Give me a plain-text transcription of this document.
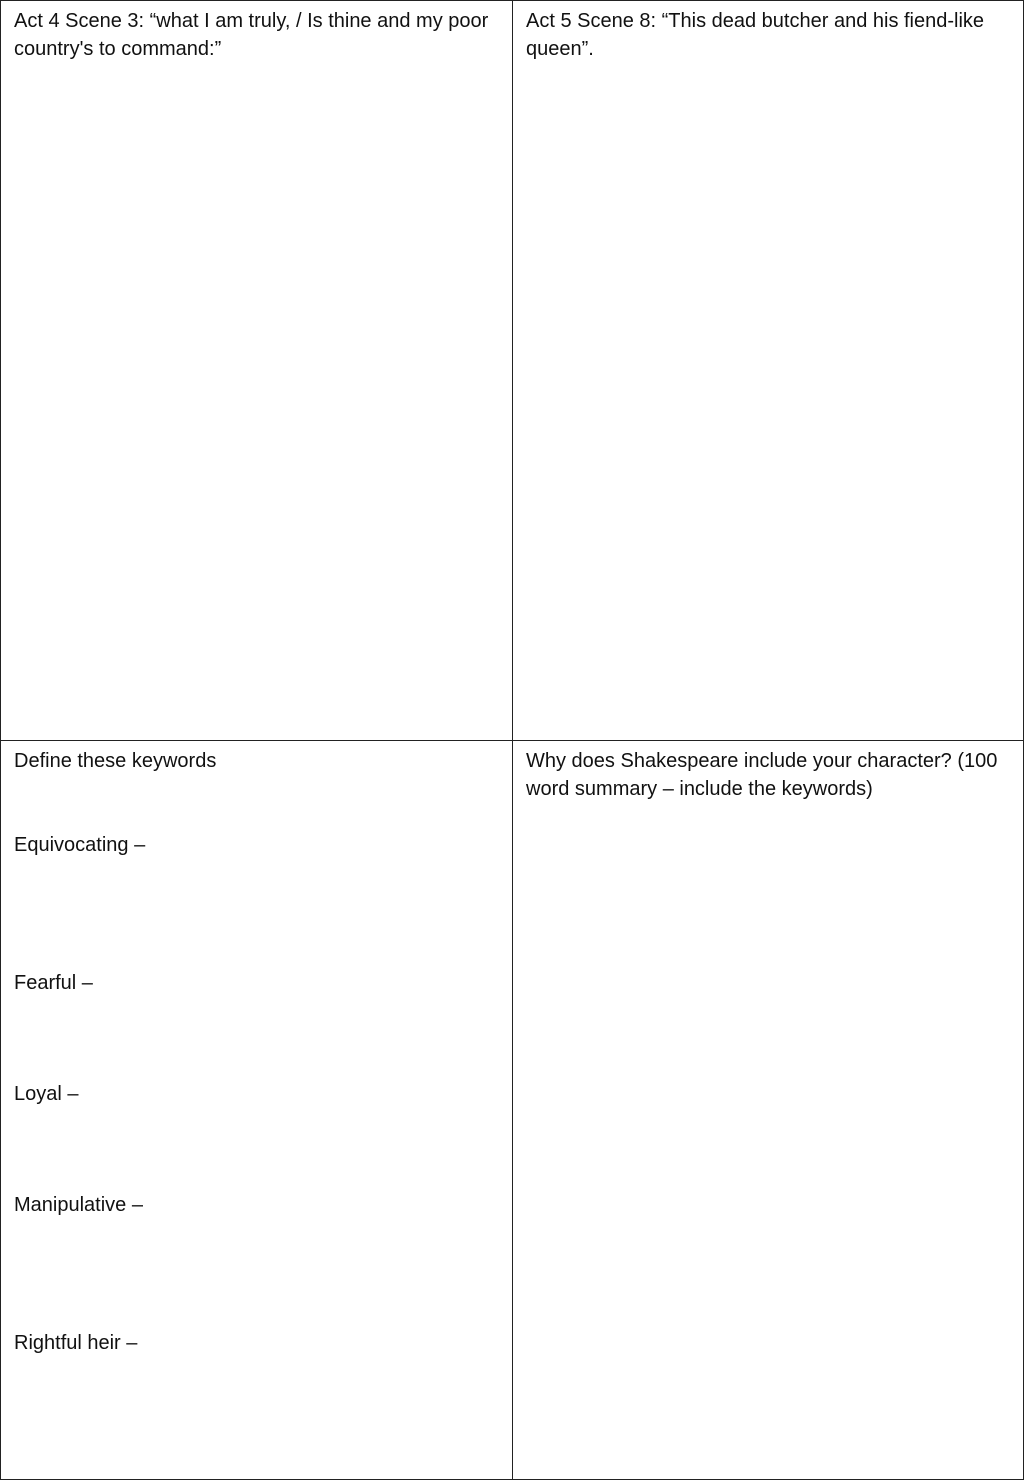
Act 4 Scene 3: “what I am truly, / Is thine and my poor country's to command:”

Act 5 Scene 8: “This dead butcher and his fiend-like queen”.

Define these keywords

Equivocating –

Fearful –

Loyal –

Manipulative –

Rightful heir –

Why does Shakespeare include your character? (100 word summary – include the keywords)
